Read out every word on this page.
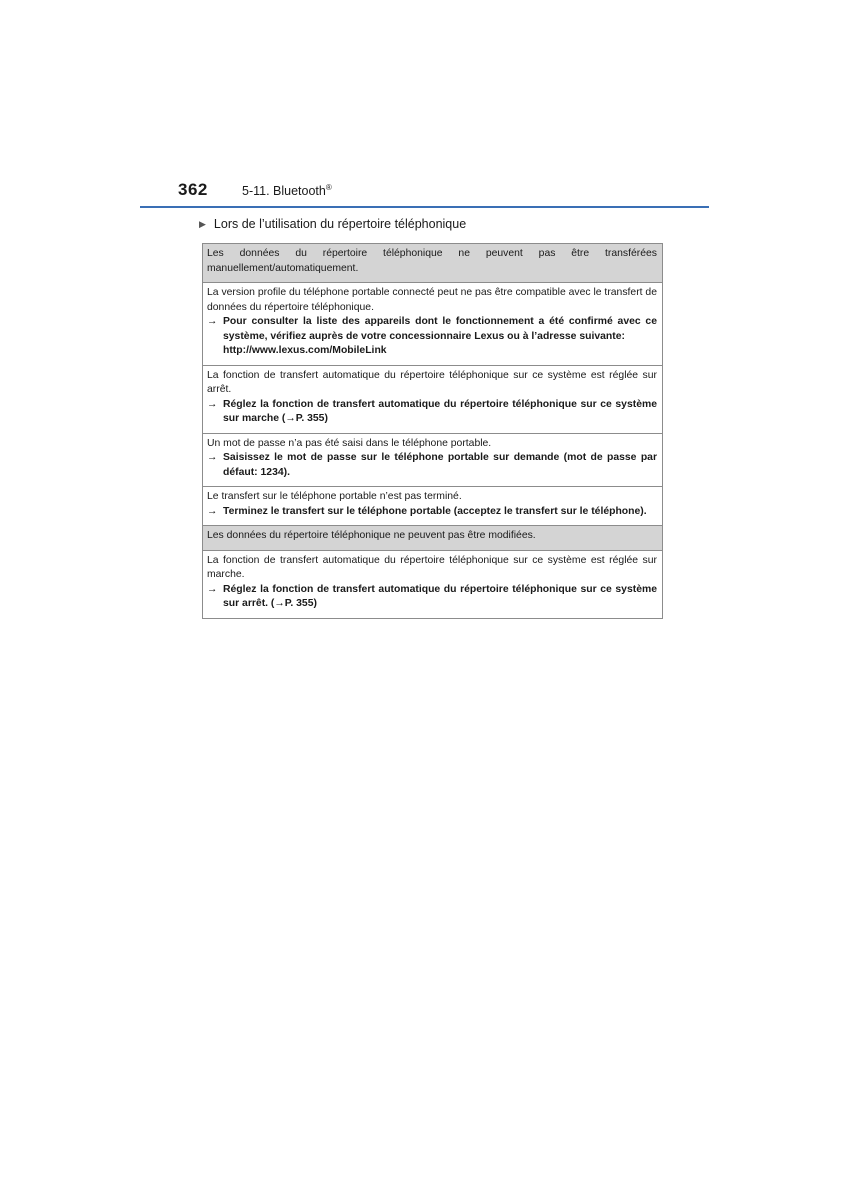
362	5-11. Bluetooth®
▶ Lors de l’utilisation du répertoire téléphonique
Les données du répertoire téléphonique ne peuvent pas être transférées manuellement/automatiquement.
La version profile du téléphone portable connecté peut ne pas être compatible avec le transfert de données du répertoire téléphonique.
→ Pour consulter la liste des appareils dont le fonctionnement a été confirmé avec ce système, vérifiez auprès de votre concessionnaire Lexus ou à l’adresse suivante:
http://www.lexus.com/MobileLink
La fonction de transfert automatique du répertoire téléphonique sur ce système est réglée sur arrêt.
→ Réglez la fonction de transfert automatique du répertoire téléphonique sur ce système sur marche (→P. 355)
Un mot de passe n’a pas été saisi dans le téléphone portable.
→ Saisissez le mot de passe sur le téléphone portable sur demande (mot de passe par défaut: 1234).
Le transfert sur le téléphone portable n’est pas terminé.
→ Terminez le transfert sur le téléphone portable (acceptez le transfert sur le téléphone).
Les données du répertoire téléphonique ne peuvent pas être modifiées.
La fonction de transfert automatique du répertoire téléphonique sur ce système est réglée sur marche.
→ Réglez la fonction de transfert automatique du répertoire téléphonique sur ce système sur arrêt. (→P. 355)
